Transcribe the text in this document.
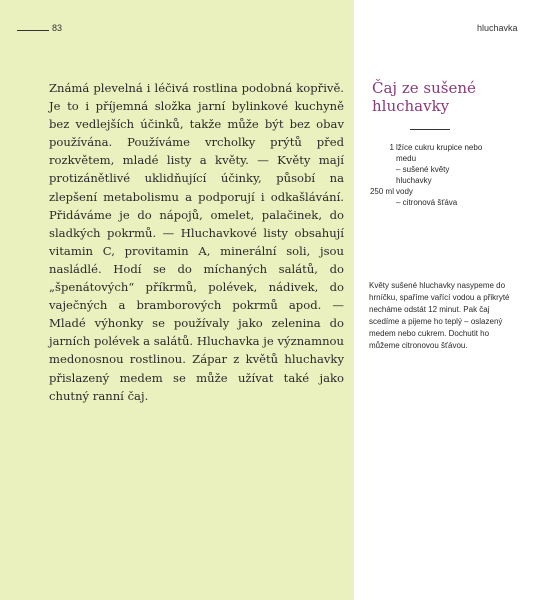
83	hluchavka

Známá plevelná i léčivá rostlina podobná kopřivě. Je to i příjemná složka jarní bylinkové kuchyně bez vedlejších účinků, takže může být bez obav používána. Používáme vrcholky prýtů před rozkvětem, mladé listy a květy. — Květy mají protizánětlivé uklidňující účinky, působí na zlepšení metabolismu a podporují i odkašlávání. Přidáváme je do nápojů, omelet, palačinek, do sladkých pokrmů. — Hluchavkové listy obsahují vitamin C, provitamin A, minerální soli, jsou nasládlé. Hodí se do míchaných salátů, do „špenátových“ příkrmů, polévek, nádivek, do vaječných a bramborových pokrmů apod. — Mladé výhonky se používaly jako zelenina do jarních polévek a salátů. Hluchavka je významnou medonosnou rostlinou. Zápar z květů hluchavky přislazený medem se může užívat také jako chutný ranní čaj.

Čaj ze sušené hluchavky
1 lžíce cukru krupice nebo medu
– sušené květy hluchavky
250 ml vody
– citronová šťáva

Květy sušené hluchavky nasypeme do hrníčku, spaříme vařící vodou a přikryté necháme odstát 12 minut. Pak čaj scedíme a pijeme ho teplý – oslazený medem nebo cukrem. Dochutit ho můžeme citronovou šťávou.
